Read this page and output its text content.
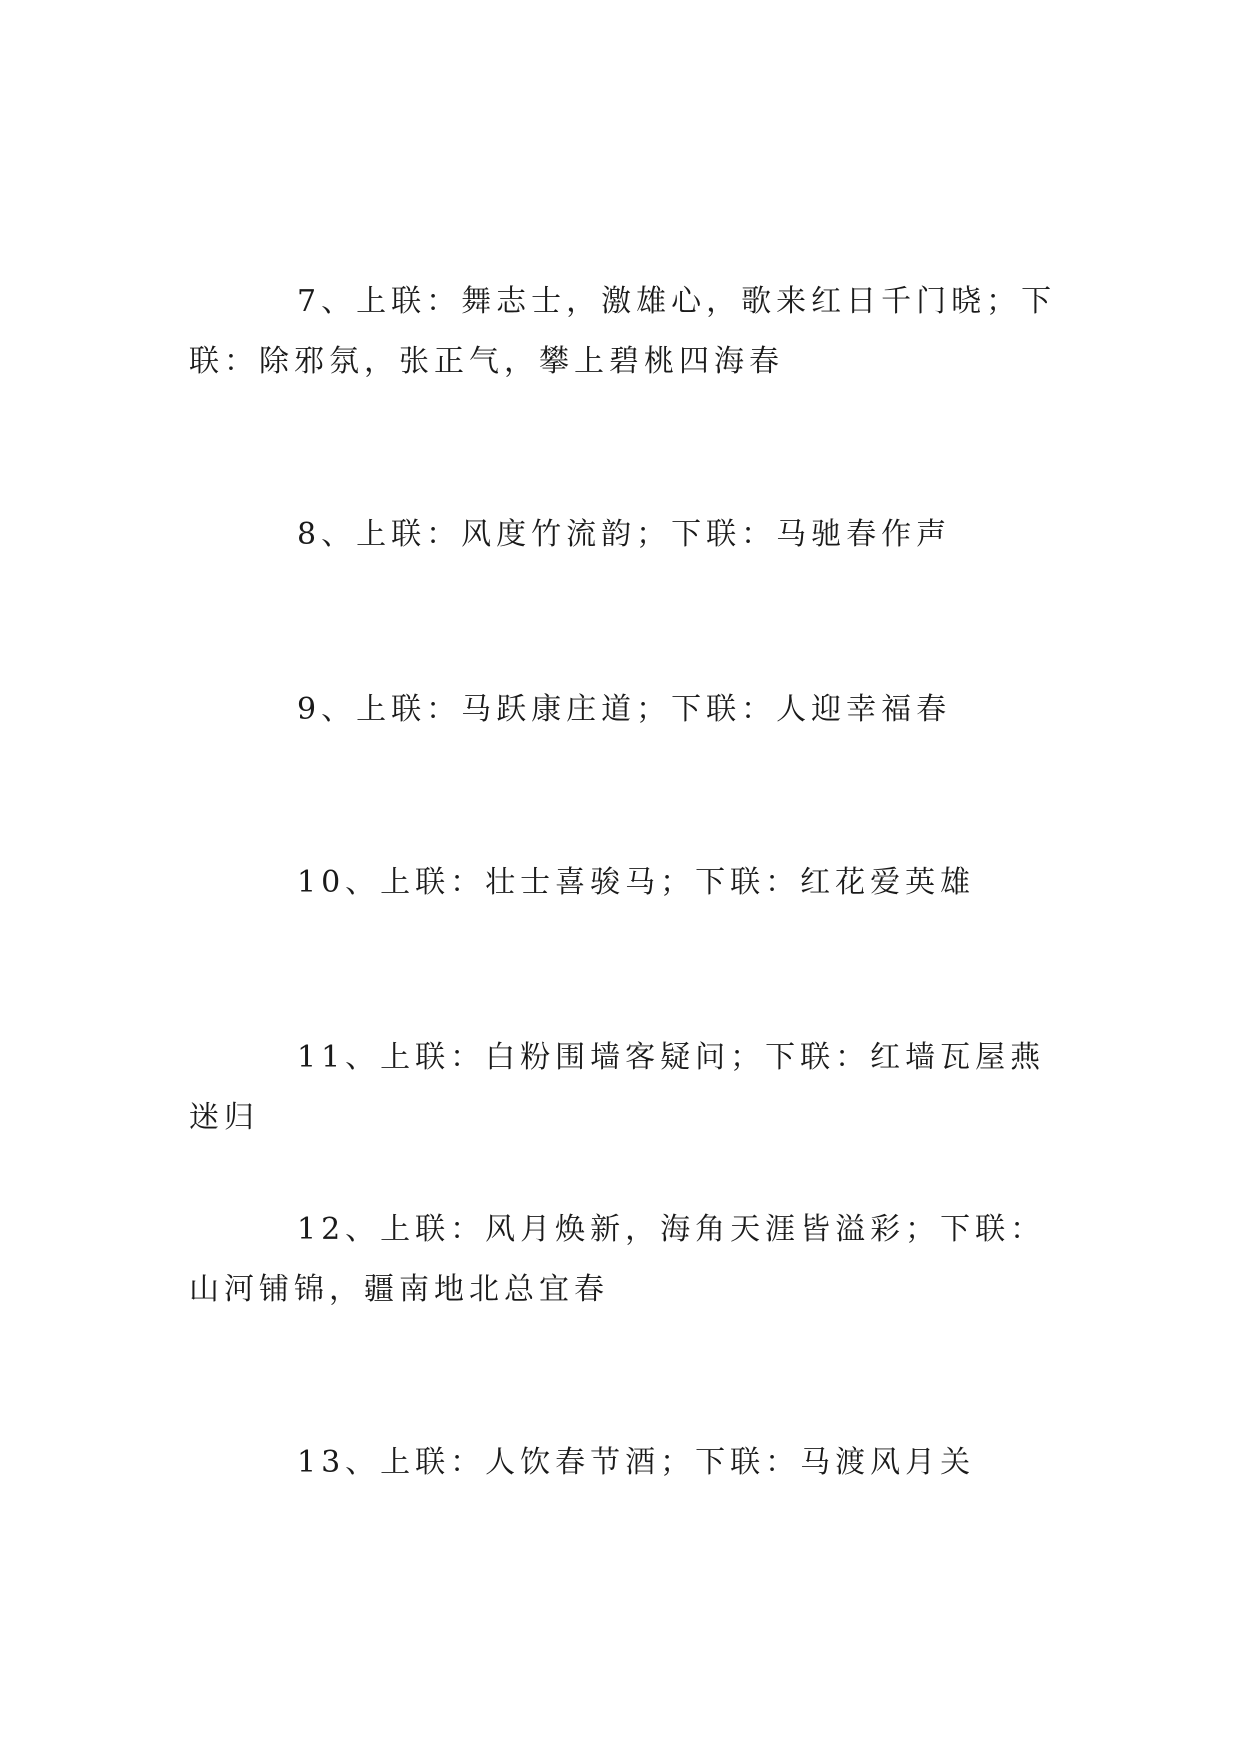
7、上联：舞志士，激雄心，歌来红日千门晓；下联：除邪氛，张正气，攀上碧桃四海春

8、上联：风度竹流韵；下联：马驰春作声

9、上联：马跃康庄道；下联：人迎幸福春

10、上联：壮士喜骏马；下联：红花爱英雄

11、上联：白粉围墙客疑问；下联：红墙瓦屋燕迷归

12、上联：风月焕新，海角天涯皆溢彩；下联：山河铺锦，疆南地北总宜春

13、上联：人饮春节酒；下联：马渡风月关
